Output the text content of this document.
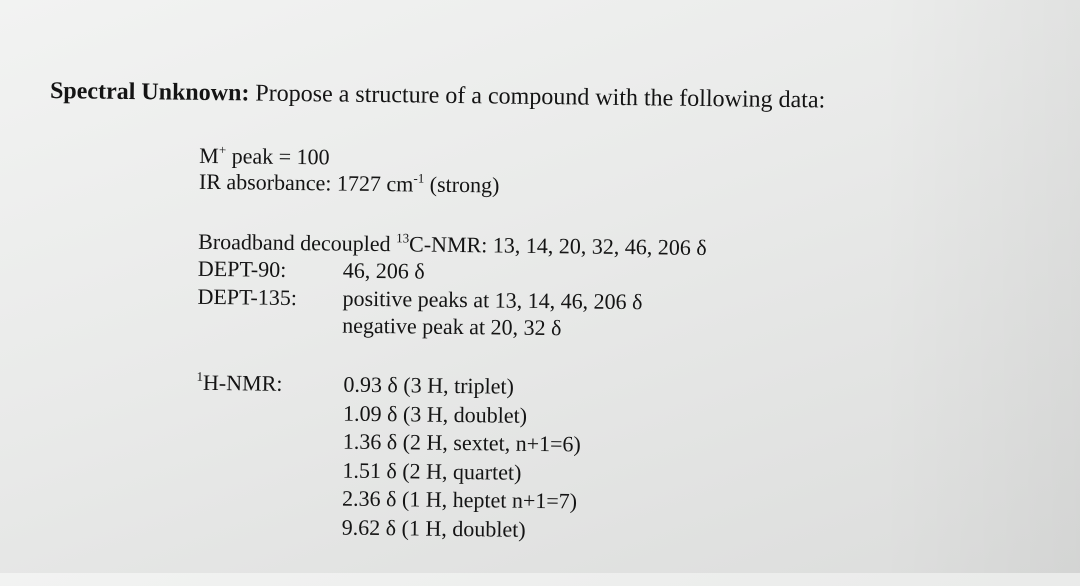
Spectral Unknown: Propose a structure of a compound with the following data:
M+ peak = 100
IR absorbance: 1727 $cm^{-1}$ (strong)
Broadband decoupled $^{13}$C-NMR: 13, 14, 20, 32, 46, 206 δ
DEPT-90:	46, 206 δ
DEPT-135: positive peaks at 13, 14, 46, 206 δ
negative peak at 20, 32 δ
$^1$H-NMR:	0.93 δ (3 H, triplet)
1.09 δ (3 H, doublet)
1.36 δ (2 H, sextet, n+1=6)
1.51 δ (2 H, quartet)
2.36 δ (1 H, heptet n+1=7)
9.62 δ (1 H, doublet)
